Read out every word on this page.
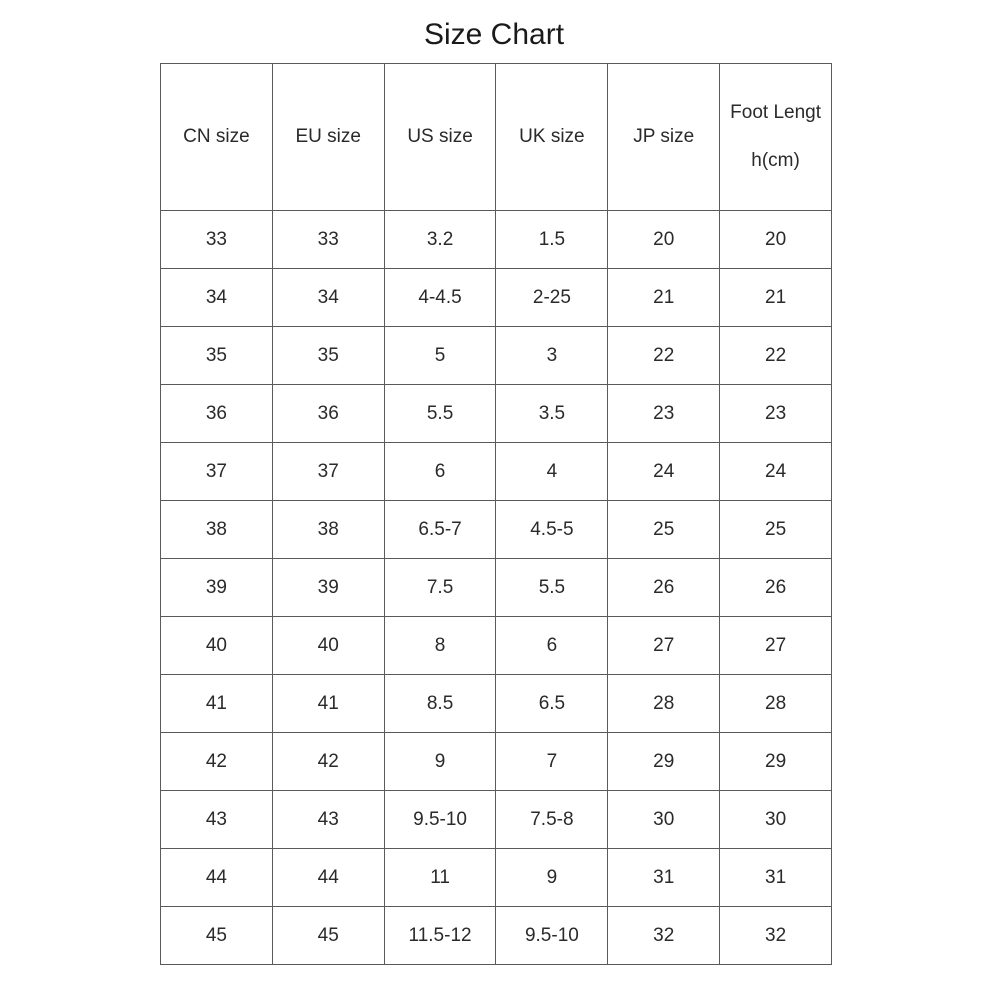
Size Chart
CN size	EU size	US size	UK size	JP size	Foot Length(cm)

33	33	3.2	1.5	20	20
34	34	4-4.5	2-25	21	21
35	35	5	3	22	22
36	36	5.5	3.5	23	23
37	37	6	4	24	24
38	38	6.5-7	4.5-5	25	25
39	39	7.5	5.5	26	26
40	40	8	6	27	27
41	41	8.5	6.5	28	28
42	42	9	7	29	29
43	43	9.5-10	7.5-8	30	30
44	44	11	9	31	31
45	45	11.5-12	9.5-10	32	32
